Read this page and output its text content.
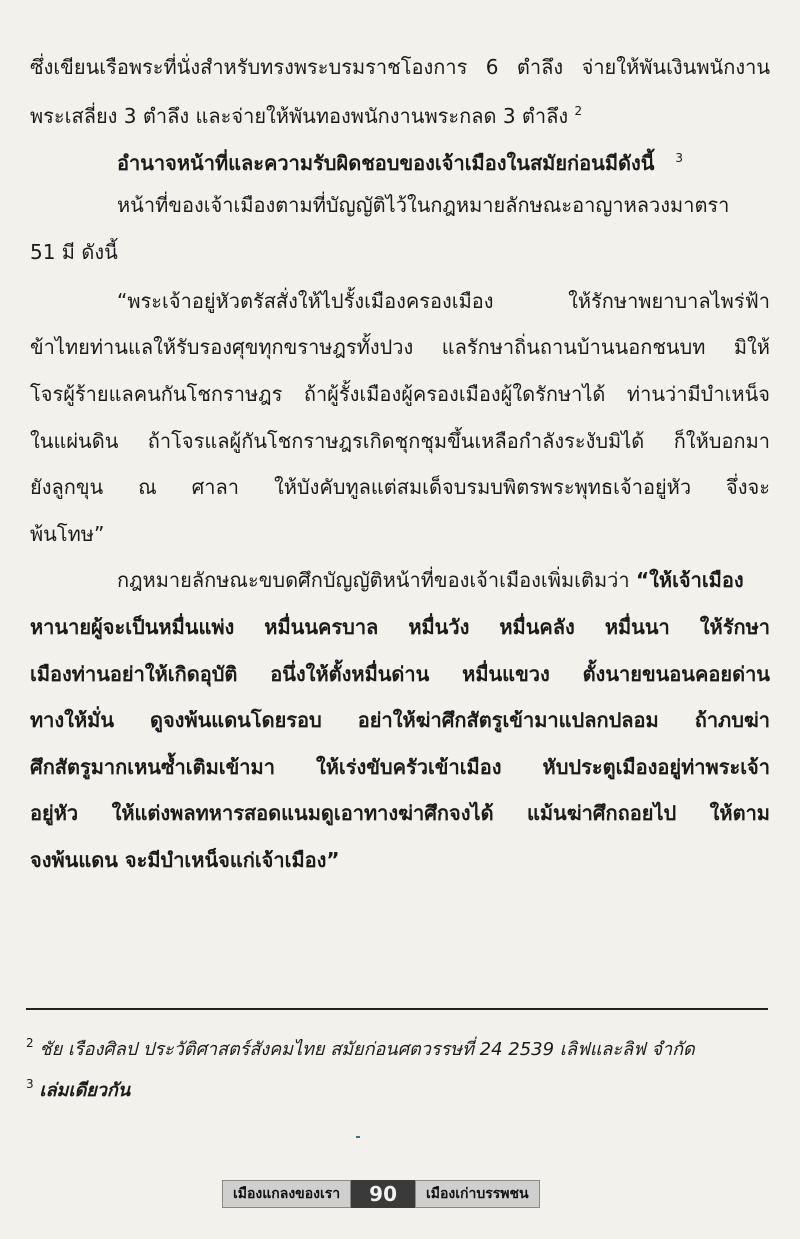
ซึ่งเขียนเรือพระที่นั่งสำหรับทรงพระบรมราชโองการ 6 ตำลึง จ่ายให้พันเงินพนักงาน
พระเสลี่ยง 3 ตำลึง และจ่ายให้พันทองพนักงานพระกลด 3 ตำลึง $^2$
อำนาจหน้าที่และความรับผิดชอบของเจ้าเมืองในสมัยก่อนมีดังนี้ $^3$
หน้าที่ของเจ้าเมืองตามที่บัญญัติไว้ในกฎหมายลักษณะอาญาหลวงมาตรา
51 มี ดังนี้
“พระเจ้าอยู่หัวตรัสสั่งให้ไปรั้งเมืองครองเมือง	ให้รักษาพยาบาลไพร่ฟ้า
ข้าไทยท่านแลให้รับรองศุขทุกขราษฎรทั้งปวง แลรักษาถิ่นถานบ้านนอกชนบท มิให้
โจรผู้ร้ายแลคนกันโชกราษฎร ถ้าผู้รั้งเมืองผู้ครองเมืองผู้ใดรักษาได้ ท่านว่ามีบำเหน็จ
ในแผ่นดิน ถ้าโจรแลผู้กันโชกราษฎรเกิดชุกชุมขึ้นเหลือกำลังระงับมิได้ ก็ให้บอกมา
ยังลูกขุน ณ ศาลา ให้บังคับทูลแต่สมเด็จบรมบพิตรพระพุทธเจ้าอยู่หัว จึ่งจะ
พ้นโทษ”
กฎหมายลักษณะขบดศึกบัญญัติหน้าที่ของเจ้าเมืองเพิ่มเติมว่า “ให้เจ้าเมือง
หานายผู้จะเป็นหมื่นแพ่ง หมื่นนครบาล หมื่นวัง หมื่นคลัง หมื่นนา ให้รักษา
เมืองท่านอย่าให้เกิดอุบัติ อนึ่งให้ตั้งหมื่นด่าน หมื่นแขวง ตั้งนายขนอนคอยด่าน
ทางให้มั่น ดูจงพ้นแดนโดยรอบ อย่าให้ฆ่าศึกสัตรูเข้ามาแปลกปลอม ถ้าภบฆ่า
ศึกสัตรูมากเหนซ้ำเติมเข้ามา ให้เร่งขับครัวเข้าเมือง หับประตูเมืองอยู่ท่าพระเจ้า
อยู่หัว ให้แต่งพลทหารสอดแนมดูเอาทางฆ่าศึกจงได้ แม้นฆ่าศึกถอยไป ให้ตาม
จงพ้นแดน จะมีบำเหน็จแก่เจ้าเมือง”
$^2$ ชัย เรืองศิลป ประวัติศาสตร์สังคมไทย สมัยก่อนศตวรรษที่ 24 2539 เลิฟและลิฟ จำกัด
$^3$ เล่มเดียวกัน
เมืองแกลงของเรา	90	เมืองเก่าบรรพชน
